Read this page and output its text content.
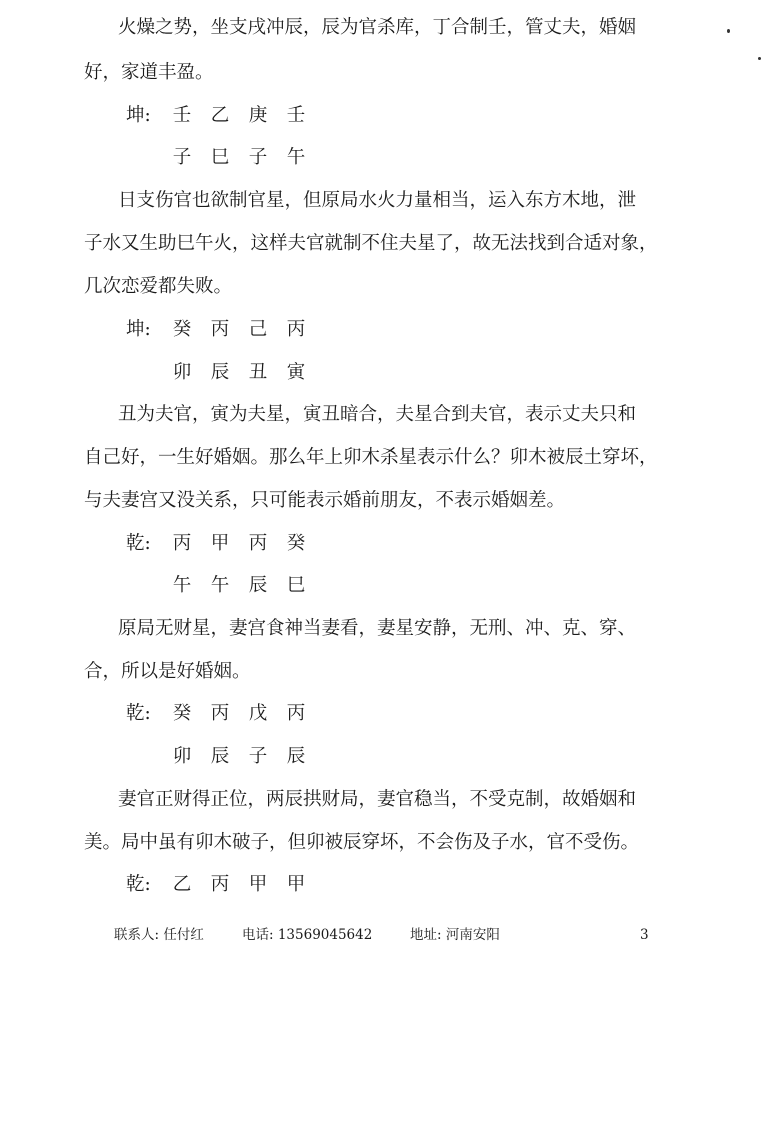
火燥之势，坐支戌冲辰，辰为官杀库，丁合制壬，管丈夫，婚姻
好，家道丰盈。
坤: 壬 乙 庚 壬
子 巳 子 午
日支伤官也欲制官星，但原局水火力量相当，运入东方木地，泄
子水又生助巳午火，这样夫官就制不住夫星了，故无法找到合适对象，
几次恋爱都失败。
坤: 癸 丙 己 丙
卯 辰 丑 寅
丑为夫官，寅为夫星，寅丑暗合，夫星合到夫官，表示丈夫只和
自己好，一生好婚姻。那么年上卯木杀星表示什么？卯木被辰土穿坏，
与夫妻宫又没关系，只可能表示婚前朋友，不表示婚姻差。
乾: 丙 甲 丙 癸
午 午 辰 巳
原局无财星，妻宫食神当妻看，妻星安静，无刑、冲、克、穿、
合，所以是好婚姻。
乾: 癸 丙 戊 丙
卯 辰 子 辰
妻官正财得正位，两辰拱财局，妻官稳当，不受克制，故婚姻和
美。局中虽有卯木破子，但卯被辰穿坏，不会伤及子水，官不受伤。
乾: 乙 丙 甲 甲
联系人: 任付红	电话: 13569045642	地址: 河南安阳	3
